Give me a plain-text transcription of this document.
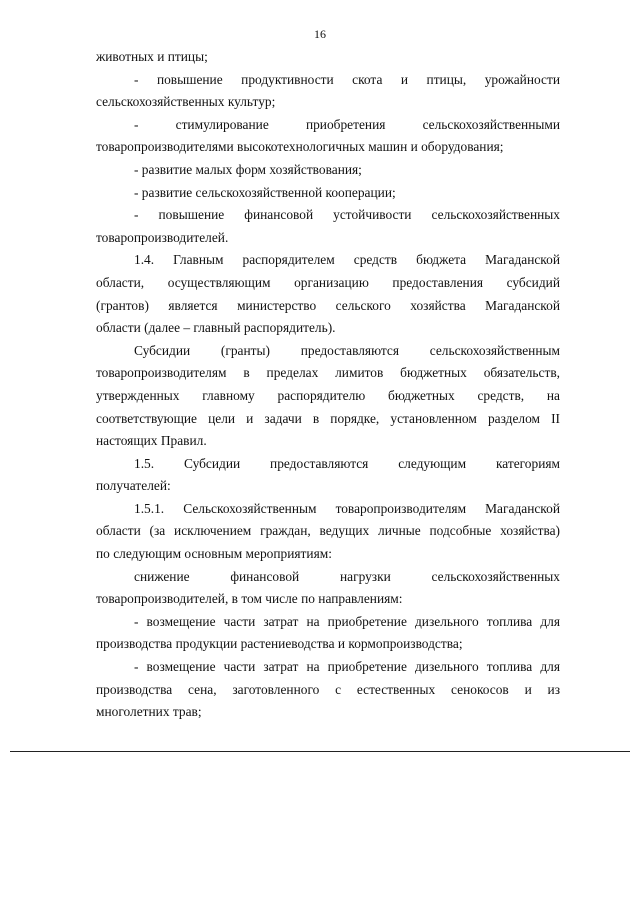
16
животных и птицы;
- повышение продуктивности скота и птицы, урожайности
сельскохозяйственных культур;
- стимулирование приобретения сельскохозяйственными
товаропроизводителями высокотехнологичных машин и оборудования;
- развитие малых форм хозяйствования;
- развитие сельскохозяйственной кооперации;
- повышение финансовой устойчивости сельскохозяйственных
товаропроизводителей.
1.4. Главным распорядителем средств бюджета Магаданской
области, осуществляющим организацию предоставления субсидий
(грантов) является министерство сельского хозяйства Магаданской
области (далее – главный распорядитель).
Субсидии (гранты) предоставляются сельскохозяйственным
товаропроизводителям в пределах лимитов бюджетных обязательств,
утвержденных главному распорядителю бюджетных средств, на
соответствующие цели и задачи в порядке, установленном разделом II
настоящих Правил.
1.5. Субсидии предоставляются следующим категориям
получателей:
1.5.1. Сельскохозяйственным товаропроизводителям Магаданской
области (за исключением граждан, ведущих личные подсобные хозяйства)
по следующим основным мероприятиям:
снижение финансовой нагрузки сельскохозяйственных
товаропроизводителей, в том числе по направлениям:
- возмещение части затрат на приобретение дизельного топлива для
производства продукции растениеводства и кормопроизводства;
- возмещение части затрат на приобретение дизельного топлива для
производства сена, заготовленного с естественных сенокосов и из
многолетних трав;
